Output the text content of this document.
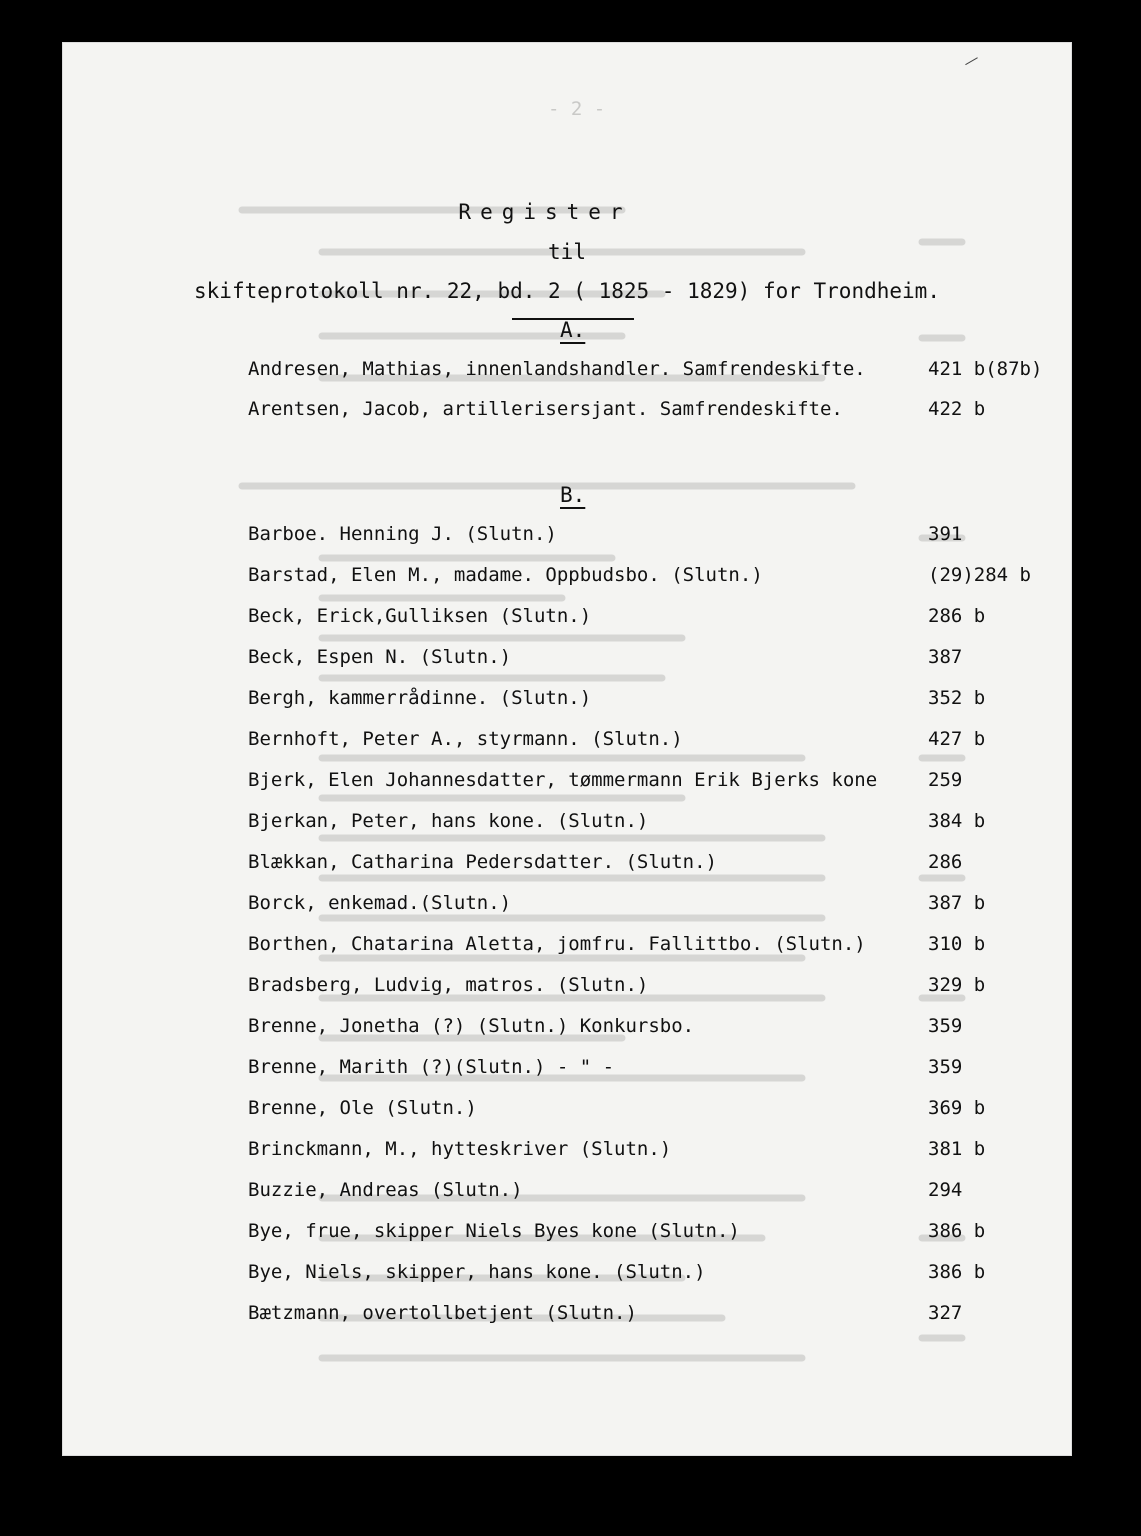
- 2 -
Register
til
skifteprotokoll nr. 22, bd. 2 ( 1825 - 1829) for Trondheim.
A.
Andresen, Mathias, innenlandshandler. Samfrendeskifte.	421 b(87b)
Arentsen, Jacob, artillerisersjant. Samfrendeskifte.	422 b
B.
Barboe. Henning J. (Slutn.)	391
Barstad, Elen M., madame. Oppbudsbo. (Slutn.)	(29)284 b
Beck, Erick,Gulliksen (Slutn.)	286 b
Beck, Espen N. (Slutn.)	387
Bergh, kammerrådinne. (Slutn.)	352 b
Bernhoft, Peter A., styrmann. (Slutn.)	427 b
Bjerk, Elen Johannesdatter, tømmermann Erik Bjerks kone	259
Bjerkan, Peter, hans kone. (Slutn.)	384 b
Blækkan, Catharina Pedersdatter. (Slutn.)	286
Borck, enkemad.(Slutn.)	387 b
Borthen, Chatarina Aletta, jomfru. Fallittbo. (Slutn.)	310 b
Bradsberg, Ludvig, matros. (Slutn.)	329 b
Brenne, Jonetha (?) (Slutn.) Konkursbo.	359
Brenne, Marith (?)(Slutn.) - " -	359
Brenne, Ole (Slutn.)	369 b
Brinckmann, M., hytteskriver (Slutn.)	381 b
Buzzie, Andreas (Slutn.)	294
Bye, frue, skipper Niels Byes kone (Slutn.)	386 b
Bye, Niels, skipper, hans kone. (Slutn.)	386 b
Bætzmann, overtollbetjent (Slutn.)	327
